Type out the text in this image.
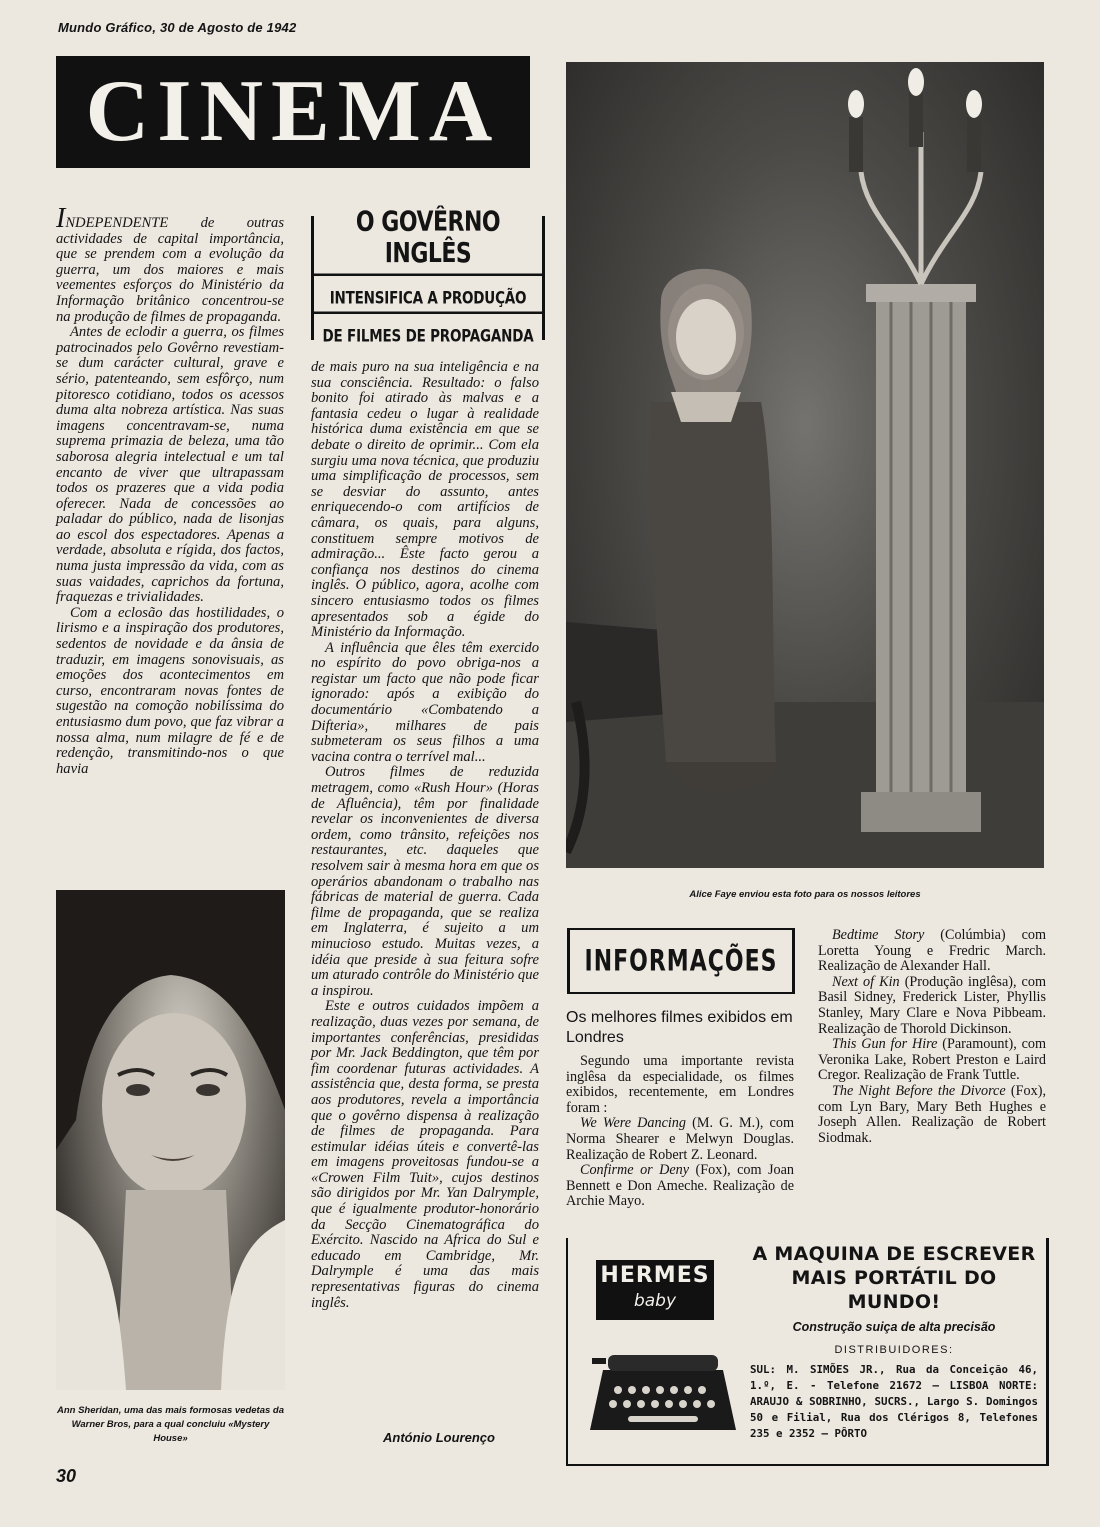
Mundo Gráfico, 30 de Agosto de 1942
CINEMA

INDEPENDENTE de outras actividades de capital importância, que se prendem com a evolução da guerra, um dos maiores e mais veementes esforços do Ministério da Informação britânico concentrou-se na produção de filmes de propaganda.

Antes de eclodir a guerra, os filmes patrocinados pelo Govêrno revestiam-se dum carácter cultural, grave e sério, patenteando, sem esfôrço, num pitoresco cotidiano, todos os acessos duma alta nobreza artística. Nas suas imagens concentravam-se, numa suprema primazia de beleza, uma tão saborosa alegria intelectual e um tal encanto de viver que ultrapassam todos os prazeres que a vida podia oferecer. Nada de concessões ao paladar do público, nada de lisonjas ao escol dos espectadores. Apenas a verdade, absoluta e rígida, dos factos, numa justa impressão da vida, com as suas vaidades, caprichos da fortuna, fraquezas e trivialidades.

Com a eclosão das hostilidades, o lirismo e a inspiração dos produtores, sedentos de novidade e da ânsia de traduzir, em imagens sonovisuais, as emoções dos acontecimentos em curso, encontraram novas fontes de sugestão na comoção nobilíssima do entusiasmo dum povo, que faz vibrar a nossa alma, num milagre de fé e de redenção, transmitindo-nos o que havia

O GOVÊRNO INGLÊS
INTENSIFICA A PRODUÇÃO
DE FILMES DE PROPAGANDA

de mais puro na sua inteligência e na sua consciência. Resultado: o falso bonito foi atirado às malvas e a fantasia cedeu o lugar à realidade histórica duma existência em que se debate o direito de oprimir... Com ela surgiu uma nova técnica, que produziu uma simplificação de processos, sem se desviar do assunto, antes enriquecendo-o com artifícios de câmara, os quais, para alguns, constituem sempre motivos de admiração... Êste facto gerou a confiança nos destinos do cinema inglês. O público, agora, acolhe com sincero entusiasmo todos os filmes apresentados sob a égide do Ministério da Informação.

A influência que êles têm exercido no espírito do povo obriga-nos a registar um facto que não pode ficar ignorado: após a exibição do documentário «Combatendo a Difteria», milhares de pais submeteram os seus filhos a uma vacina contra o terrível mal...

Outros filmes de reduzida metragem, como «Rush Hour» (Horas de Afluência), têm por finalidade revelar os inconvenientes de diversa ordem, como trânsito, refeições nos restaurantes, etc. daqueles que resolvem sair à mesma hora em que os operários abandonam o trabalho nas fábricas de material de guerra. Cada filme de propaganda, que se realiza em Inglaterra, é sujeito a um minucioso estudo. Muitas vezes, a idéia que preside à sua feitura sofre um aturado contrôle do Ministério que a inspirou.

Este e outros cuidados impõem a realização, duas vezes por semana, de importantes conferências, presididas por Mr. Jack Beddington, que têm por fim coordenar futuras actividades. A assistência que, desta forma, se presta aos produtores, revela a importância que o govêrno dispensa à realização de filmes de propaganda. Para estimular idéias úteis e convertê-las em imagens proveitosas fundou-se a «Crowen Film Tuit», cujos destinos são dirigidos por Mr. Yan Dalrymple, que é igualmente produtor-honorário da Secção Cinematográfica do Exército. Nascido na Africa do Sul e educado em Cambridge, Mr. Dalrymple é uma das mais representativas figuras do cinema inglês.

António Lourenço
Ann Sheridan, uma das mais formosas vedetas da Warner Bros, para a qual concluiu «Mystery House»
Alice Faye enviou esta foto para os nossos leitores
INFORMAÇÕES
Os melhores filmes exibidos em Londres

Segundo uma importante revista inglêsa da especialidade, os filmes exibidos, recentemente, em Londres foram :

We Were Dancing (M. G. M.), com Norma Shearer e Melwyn Douglas. Realização de Robert Z. Leonard.

Confirme or Deny (Fox), com Joan Bennett e Don Ameche. Realização de Archie Mayo.

Bedtime Story (Colúmbia) com Loretta Young e Fredric March. Realização de Alexander Hall.

Next of Kin (Produção inglêsa), com Basil Sidney, Frederick Lister, Phyllis Stanley, Mary Clare e Nova Pibbeam. Realização de Thorold Dickinson.

This Gun for Hire (Paramount), com Veronika Lake, Robert Preston e Laird Cregor. Realização de Frank Tuttle.

The Night Before the Divorce (Fox), com Lyn Bary, Mary Beth Hughes e Joseph Allen. Realização de Robert Siodmak.

HERMES
baby
A MAQUINA DE ESCREVER
MAIS PORTÁTIL DO MUNDO!
Construção suiça de alta precisão
DISTRIBUIDORES:
SUL: M. SIMÕES JR., Rua da Conceição 46, 1.º, E. - Telefone 21672 — LISBOA NORTE: ARAUJO & SOBRINHO, SUCRS., Largo S. Domingos 50 e Filial, Rua dos Clérigos 8, Telefones 235 e 2352 — PÔRTO
30
